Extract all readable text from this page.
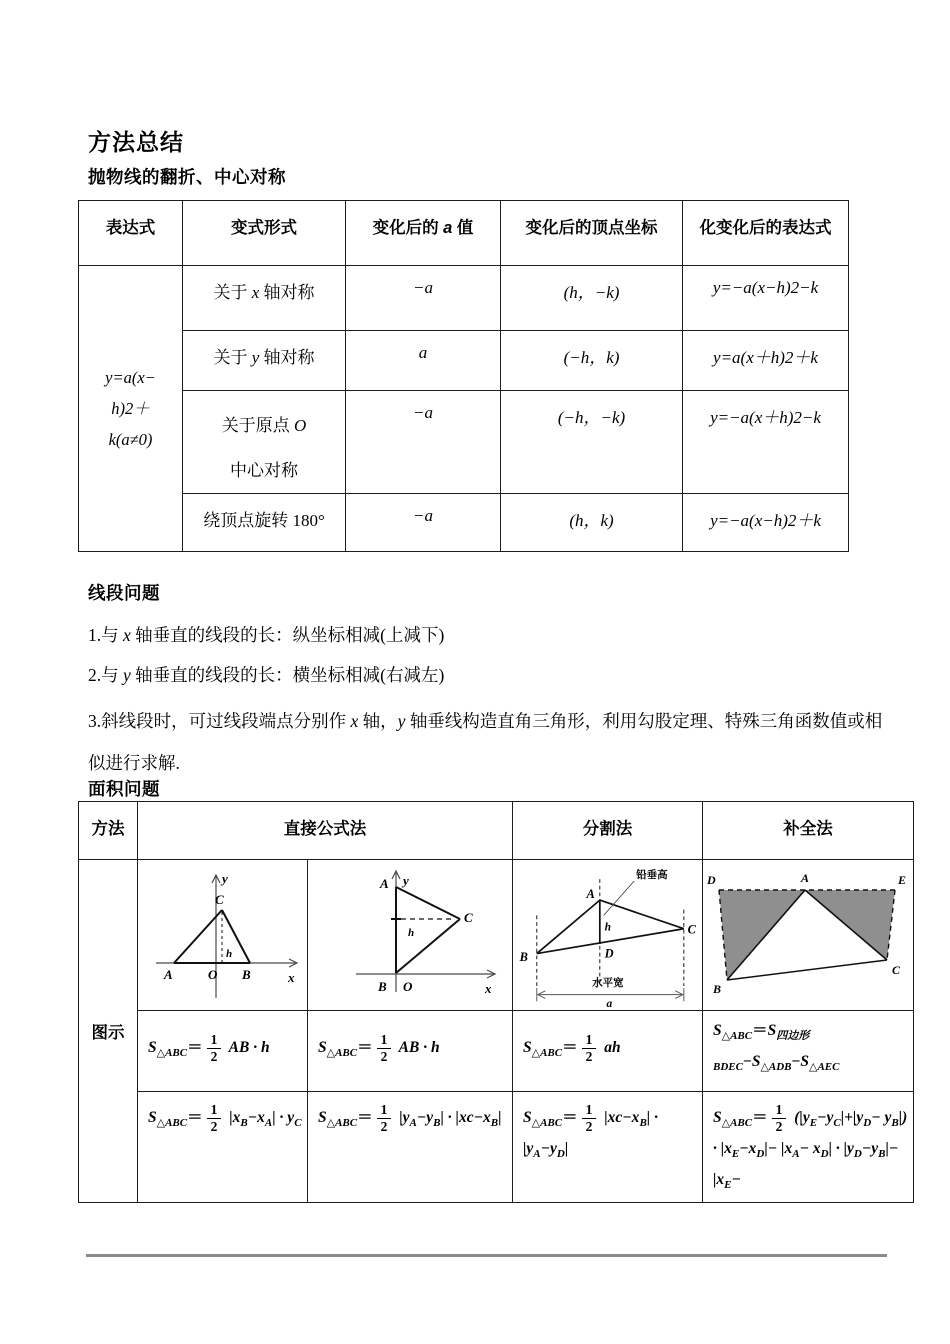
方法总结
抛物线的翻折、中心对称
表达式	变式形式	变化后的 a 值	变化后的顶点坐标	化变化后的表达式

y=a(x−
h)2＋
k(a≠0)	关于 x 轴对称	−a	(h，−k)	y=−a(x−h)2−k
	关于 y 轴对称	a	(−h，k)	y=a(x＋h)2＋k

	关于原点 O
中心对称	−a	(−h，−k)	y=−a(x＋h)2−k
	绕顶点旋转 180°	−a	(h，k)	y=−a(x−h)2＋k
线段问题
1.与 x 轴垂直的线段的长：纵坐标相减(上减下)
2.与 y 轴垂直的线段的长：横坐标相减(右减左)
3.斜线段时，可过线段端点分别作 x 轴，y 轴垂线构造直角三角形，利用勾股定理、特殊三角函数值或相似进行求解.
面积问题
方法	直接公式法		分割法	补全法
图示	
y
x
A	O B
C
h

A y
C
B O	x
h

A
B
C
D
h
铅垂高
水平宽
a

D	A	E
B
C

	$S_{\triangle ABC}= \frac{1}{2}$ AB · h	$S_{\triangle ABC}= \frac{1}{2}$ AB · h	$S_{\triangle ABC}= \frac{1}{2}$ ah	$S_{\triangle ABC}=S_{四边形 BDEC}-S_{\triangle ADB}-S_{\triangle AEC}$
	$S_{\triangle ABC}= \frac{1}{2} |x_B-x_A| \cdot y_C$	$S_{\triangle ABC}= \frac{1}{2} |y_A-y_B| \cdot |xc-x_B|$	$S_{\triangle ABC}= \frac{1}{2} |xc-x_B| \cdot |y_A-y_D|$	$S_{\triangle ABC}= \frac{1}{2} (|y_E-y_C|+|y_D- y_B|) \cdot |x_E-x_D|- |x_A- x_D| \cdot |y_D-y_B|- |x_E-$
